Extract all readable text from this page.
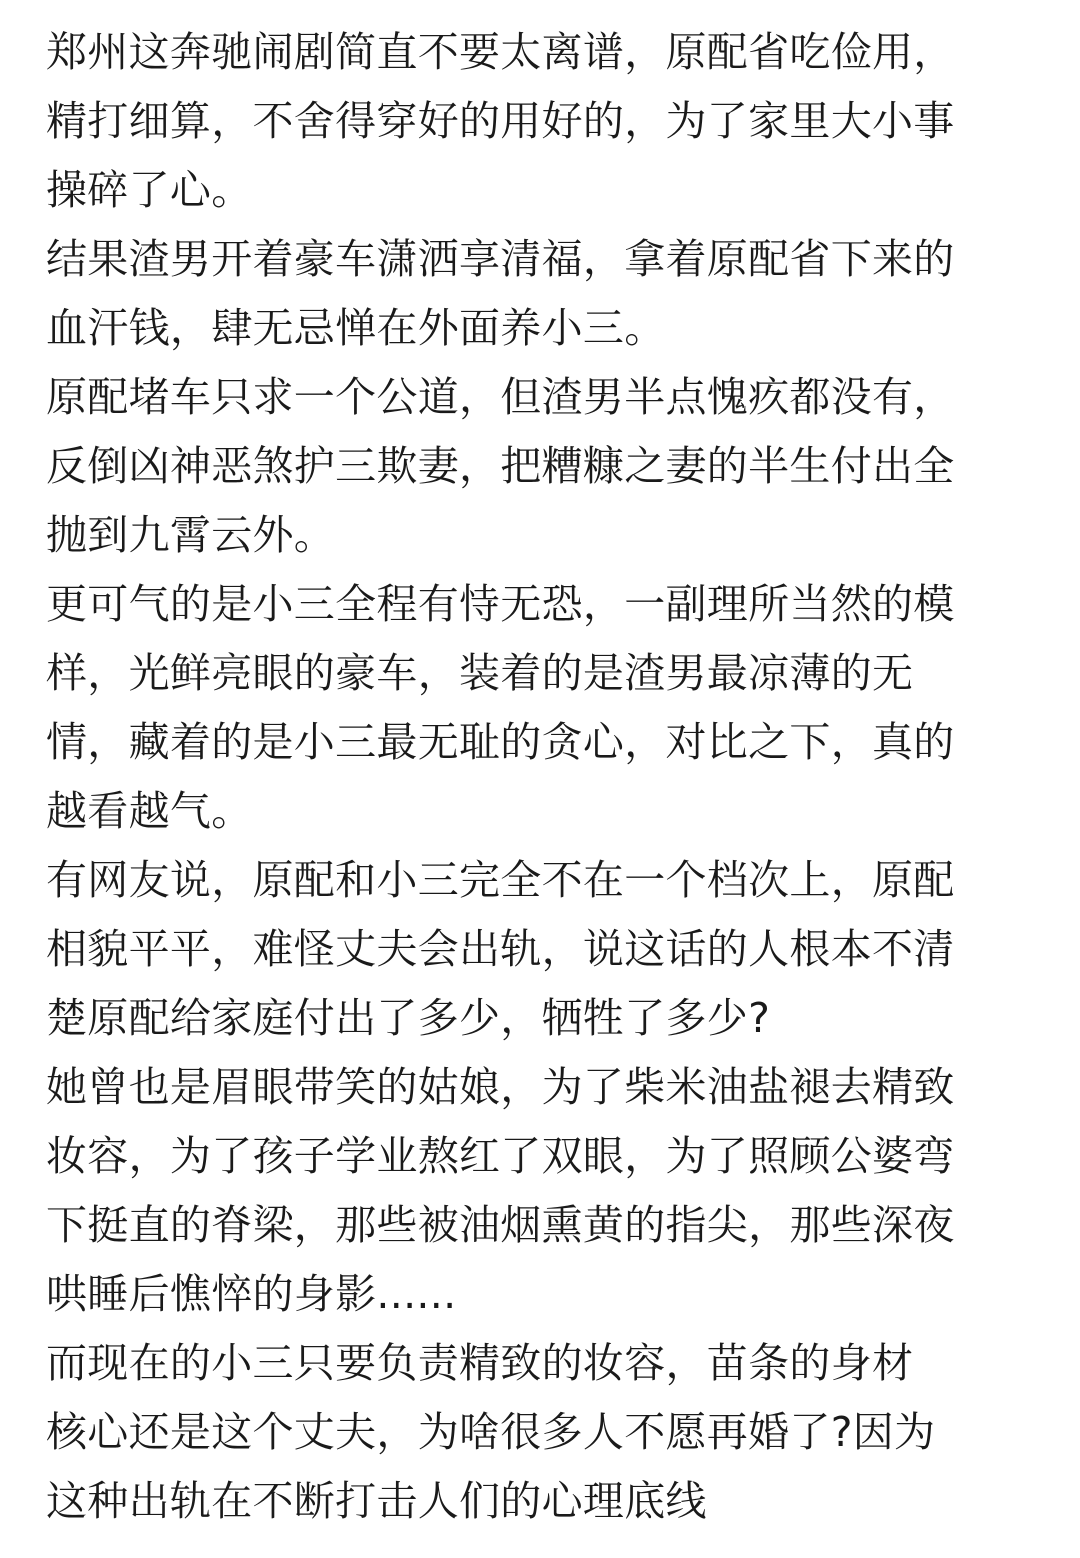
郑州这奔驰闹剧简直不要太离谱，原配省吃俭用，
精打细算，不舍得穿好的用好的，为了家里大小事
操碎了心。
结果渣男开着豪车潇洒享清福，拿着原配省下来的
血汗钱，肆无忌惮在外面养小三。
原配堵车只求一个公道，但渣男半点愧疚都没有，
反倒凶神恶煞护三欺妻，把糟糠之妻的半生付出全
抛到九霄云外。
更可气的是小三全程有恃无恐，一副理所当然的模
样，光鲜亮眼的豪车，装着的是渣男最凉薄的无
情，藏着的是小三最无耻的贪心，对比之下，真的
越看越气。
有网友说，原配和小三完全不在一个档次上，原配
相貌平平，难怪丈夫会出轨，说这话的人根本不清
楚原配给家庭付出了多少，牺牲了多少?
她曾也是眉眼带笑的姑娘，为了柴米油盐褪去精致
妆容，为了孩子学业熬红了双眼，为了照顾公婆弯
下挺直的脊梁，那些被油烟熏黄的指尖，那些深夜
哄睡后憔悴的身影......
而现在的小三只要负责精致的妆容，苗条的身材
核心还是这个丈夫，为啥很多人不愿再婚了?因为
这种出轨在不断打击人们的心理底线
